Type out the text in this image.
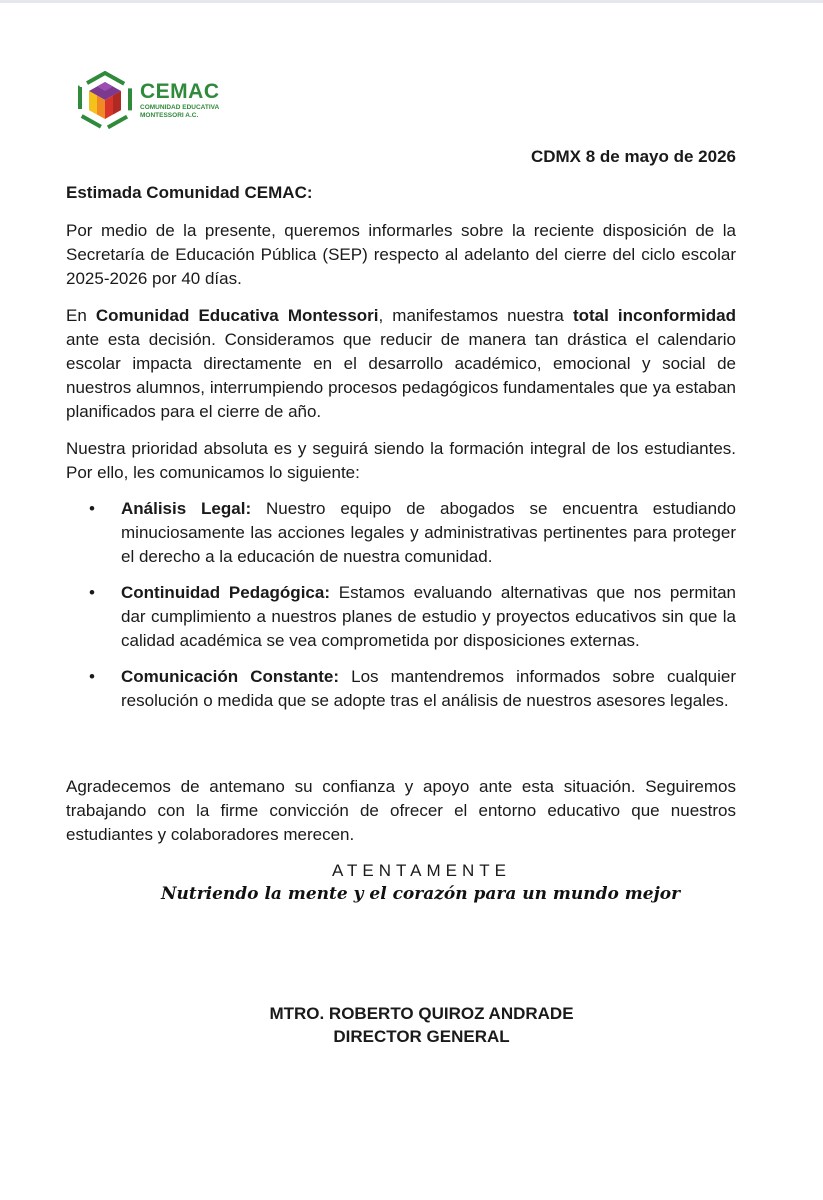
CEMAC
COMUNIDAD EDUCATIVA
MONTESSORI A.C.
CDMX 8 de mayo de 2026
Estimada Comunidad CEMAC:
Por medio de la presente, queremos informarles sobre la reciente disposición de la Secretaría de Educación Pública (SEP) respecto al adelanto del cierre del ciclo escolar 2025-2026 por 40 días.
En Comunidad Educativa Montessori, manifestamos nuestra total inconformidad ante esta decisión. Consideramos que reducir de manera tan drástica el calendario escolar impacta directamente en el desarrollo académico, emocional y social de nuestros alumnos, interrumpiendo procesos pedagógicos fundamentales que ya estaban planificados para el cierre de año.
Nuestra prioridad absoluta es y seguirá siendo la formación integral de los estudiantes. Por ello, les comunicamos lo siguiente:
• Análisis Legal: Nuestro equipo de abogados se encuentra estudiando minuciosamente las acciones legales y administrativas pertinentes para proteger el derecho a la educación de nuestra comunidad.
• Continuidad Pedagógica: Estamos evaluando alternativas que nos permitan dar cumplimiento a nuestros planes de estudio y proyectos educativos sin que la calidad académica se vea comprometida por disposiciones externas.
• Comunicación Constante: Los mantendremos informados sobre cualquier resolución o medida que se adopte tras el análisis de nuestros asesores legales.
Agradecemos de antemano su confianza y apoyo ante esta situación. Seguiremos trabajando con la firme convicción de ofrecer el entorno educativo que nuestros estudiantes y colaboradores merecen.
ATENTAMENTE
Nutriendo la mente y el corazón para un mundo mejor
MTRO. ROBERTO QUIROZ ANDRADE
DIRECTOR GENERAL
